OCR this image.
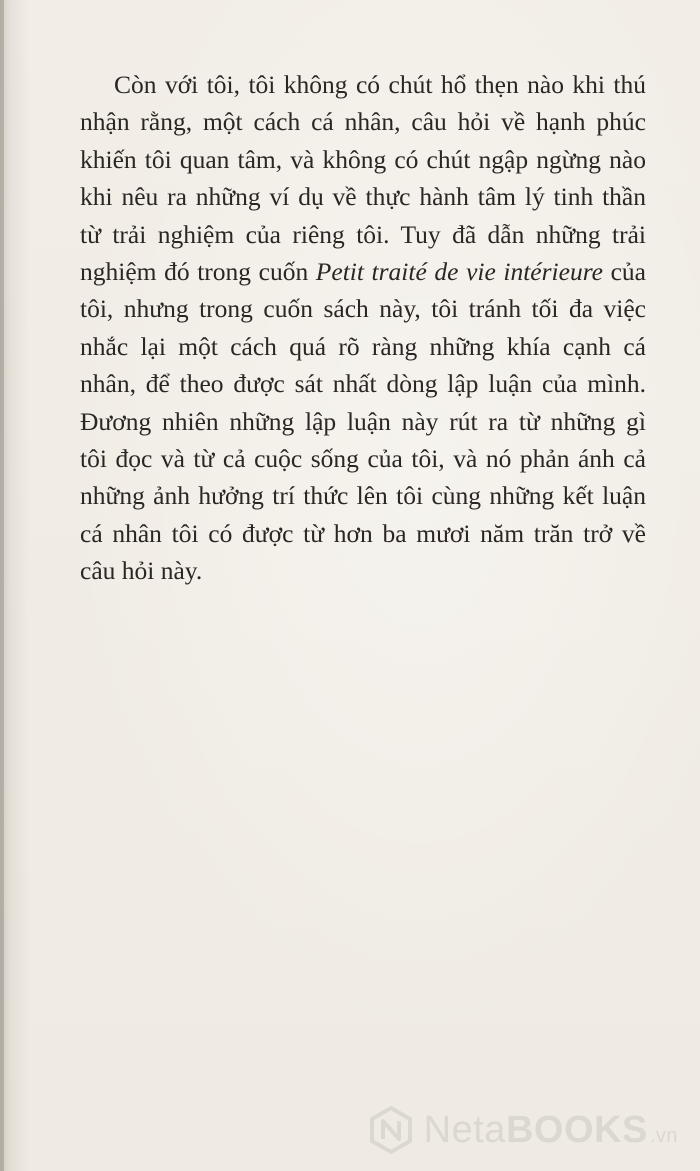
Còn với tôi, tôi không có chút hổ thẹn nào khi thú
nhận rằng, một cách cá nhân, câu hỏi về hạnh phúc
khiến tôi quan tâm, và không có chút ngập ngừng nào
khi nêu ra những ví dụ về thực hành tâm lý tinh thần
từ trải nghiệm của riêng tôi. Tuy đã dẫn những trải
nghiệm đó trong cuốn Petit traité de vie intérieure của
tôi, nhưng trong cuốn sách này, tôi tránh tối đa việc
nhắc lại một cách quá rõ ràng những khía cạnh cá
nhân, để theo được sát nhất dòng lập luận của mình.
Đương nhiên những lập luận này rút ra từ những gì
tôi đọc và từ cả cuộc sống của tôi, và nó phản ánh cả
những ảnh hưởng trí thức lên tôi cùng những kết luận
cá nhân tôi có được từ hơn ba mươi năm trăn trở về
câu hỏi này.

Neta BOOKS .vn
